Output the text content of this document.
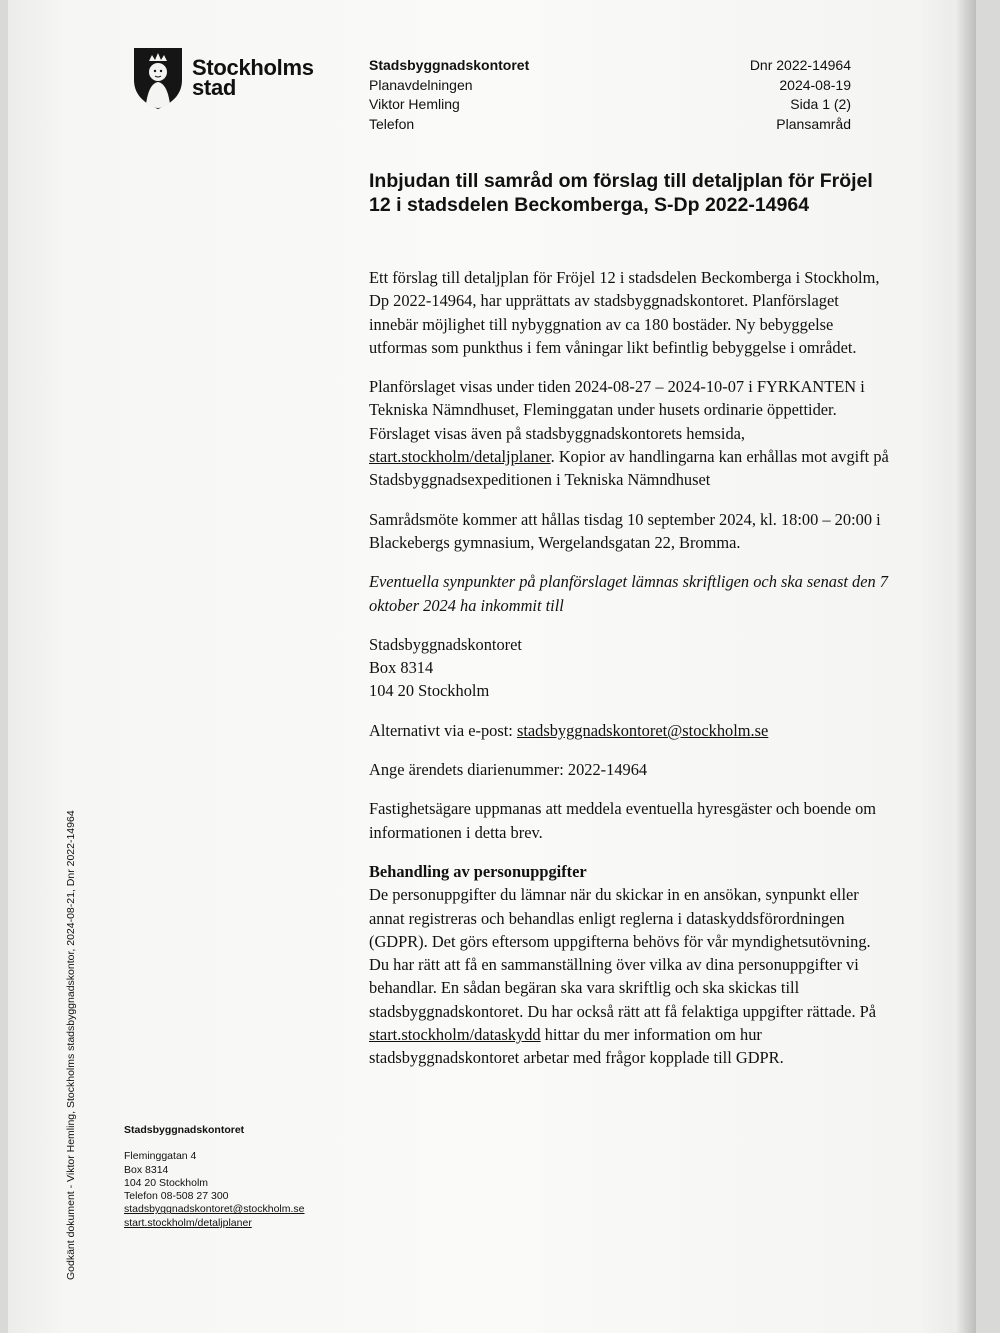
Stockholms
stad
Stadsbyggnadskontoret
Planavdelningen
Viktor Hemling
Telefon
Dnr 2022-14964
2024-08-19
Sida 1 (2)
Plansamråd
Inbjudan till samråd om förslag till detaljplan för Fröjel 12 i stadsdelen Beckomberga, S-Dp 2022-14964

Ett förslag till detaljplan för Fröjel 12 i stadsdelen Beckomberga i Stockholm, Dp 2022-14964, har upprättats av stadsbyggnadskontoret. Planförslaget innebär möjlighet till nybyggnation av ca 180 bostäder. Ny bebyggelse utformas som punkthus i fem våningar likt befintlig bebyggelse i området.

Planförslaget visas under tiden 2024-08-27 – 2024-10-07 i FYRKANTEN i Tekniska Nämndhuset, Fleminggatan under husets ordinarie öppettider. Förslaget visas även på stadsbyggnadskontorets hemsida, start.stockholm/detaljplaner. Kopior av handlingarna kan erhållas mot avgift på Stadsbyggnadsexpeditionen i Tekniska Nämndhuset

Samrådsmöte kommer att hållas tisdag 10 september 2024, kl. 18:00 – 20:00 i Blackebergs gymnasium, Wergelandsgatan 22, Bromma.

Eventuella synpunkter på planförslaget lämnas skriftligen och ska senast den 7 oktober 2024 ha inkommit till

Stadsbyggnadskontoret
Box 8314
104 20 Stockholm

Alternativt via e-post: stadsbyggnadskontoret@stockholm.se

Ange ärendets diarienummer: 2022-14964

Fastighetsägare uppmanas att meddela eventuella hyresgäster och boende om informationen i detta brev.

Behandling av personuppgifter
De personuppgifter du lämnar när du skickar in en ansökan, synpunkt eller annat registreras och behandlas enligt reglerna i dataskyddsförordningen (GDPR). Det görs eftersom uppgifterna behövs för vår myndighetsutövning. Du har rätt att få en sammanställning över vilka av dina personuppgifter vi behandlar. En sådan begäran ska vara skriftlig och ska skickas till stadsbyggnadskontoret. Du har också rätt att få felaktiga uppgifter rättade. På start.stockholm/dataskydd hittar du mer information om hur stadsbyggnadskontoret arbetar med frågor kopplade till GDPR.
Stadsbyggnadskontoret
Fleminggatan 4
Box 8314
104 20 Stockholm
Telefon 08-508 27 300
stadsbyggnadskontoret@stockholm.se
start.stockholm/detaljplaner
Godkänt dokument - Viktor Hemling, Stockholms stadsbyggnadskontor, 2024-08-21, Dnr 2022-14964
